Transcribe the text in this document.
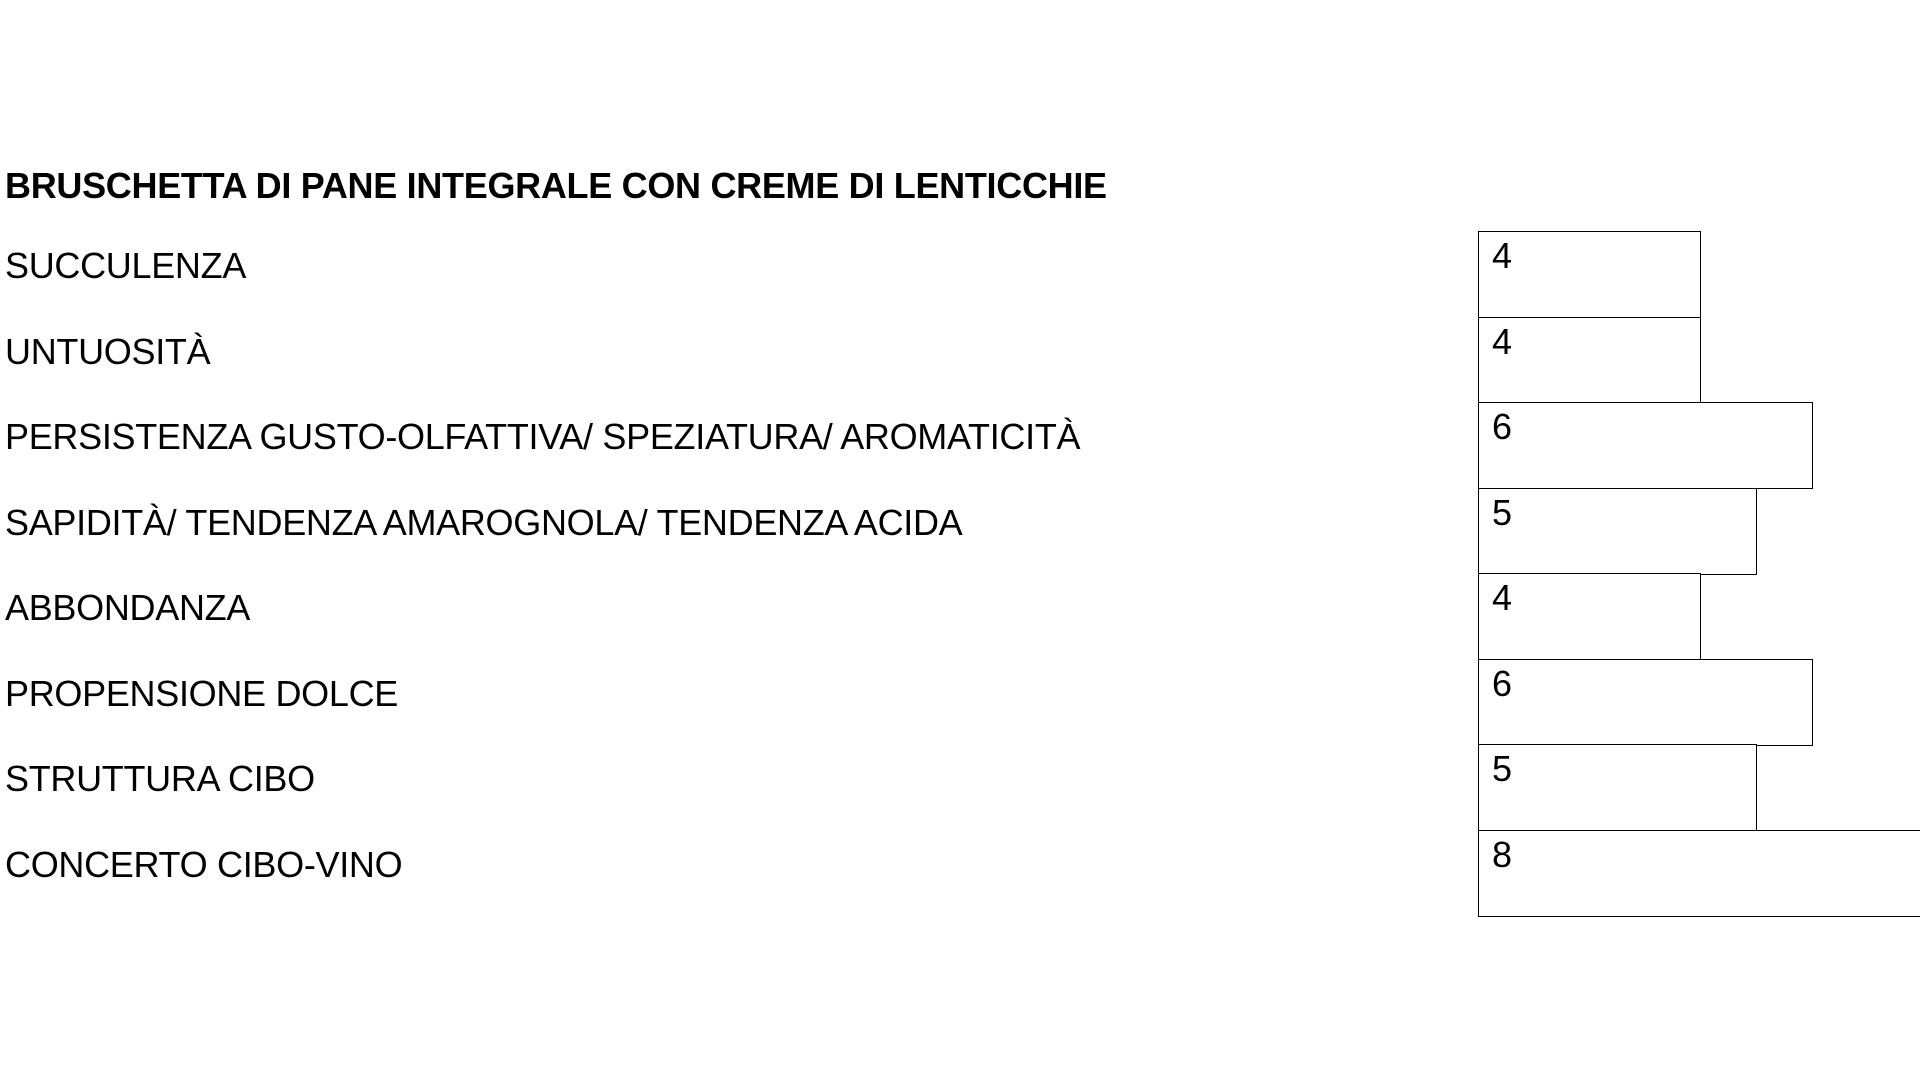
BRUSCHETTA DI PANE INTEGRALE CON CREME DI LENTICCHIE
SUCCULENZA
UNTUOSITÀ
PERSISTENZA GUSTO-OLFATTIVA/ SPEZIATURA/ AROMATICITÀ
SAPIDITÀ/ TENDENZA AMAROGNOLA/ TENDENZA ACIDA
ABBONDANZA
PROPENSIONE DOLCE
STRUTTURA CIBO
CONCERTO CIBO-VINO
4
4
6
5
4
6
5
8
